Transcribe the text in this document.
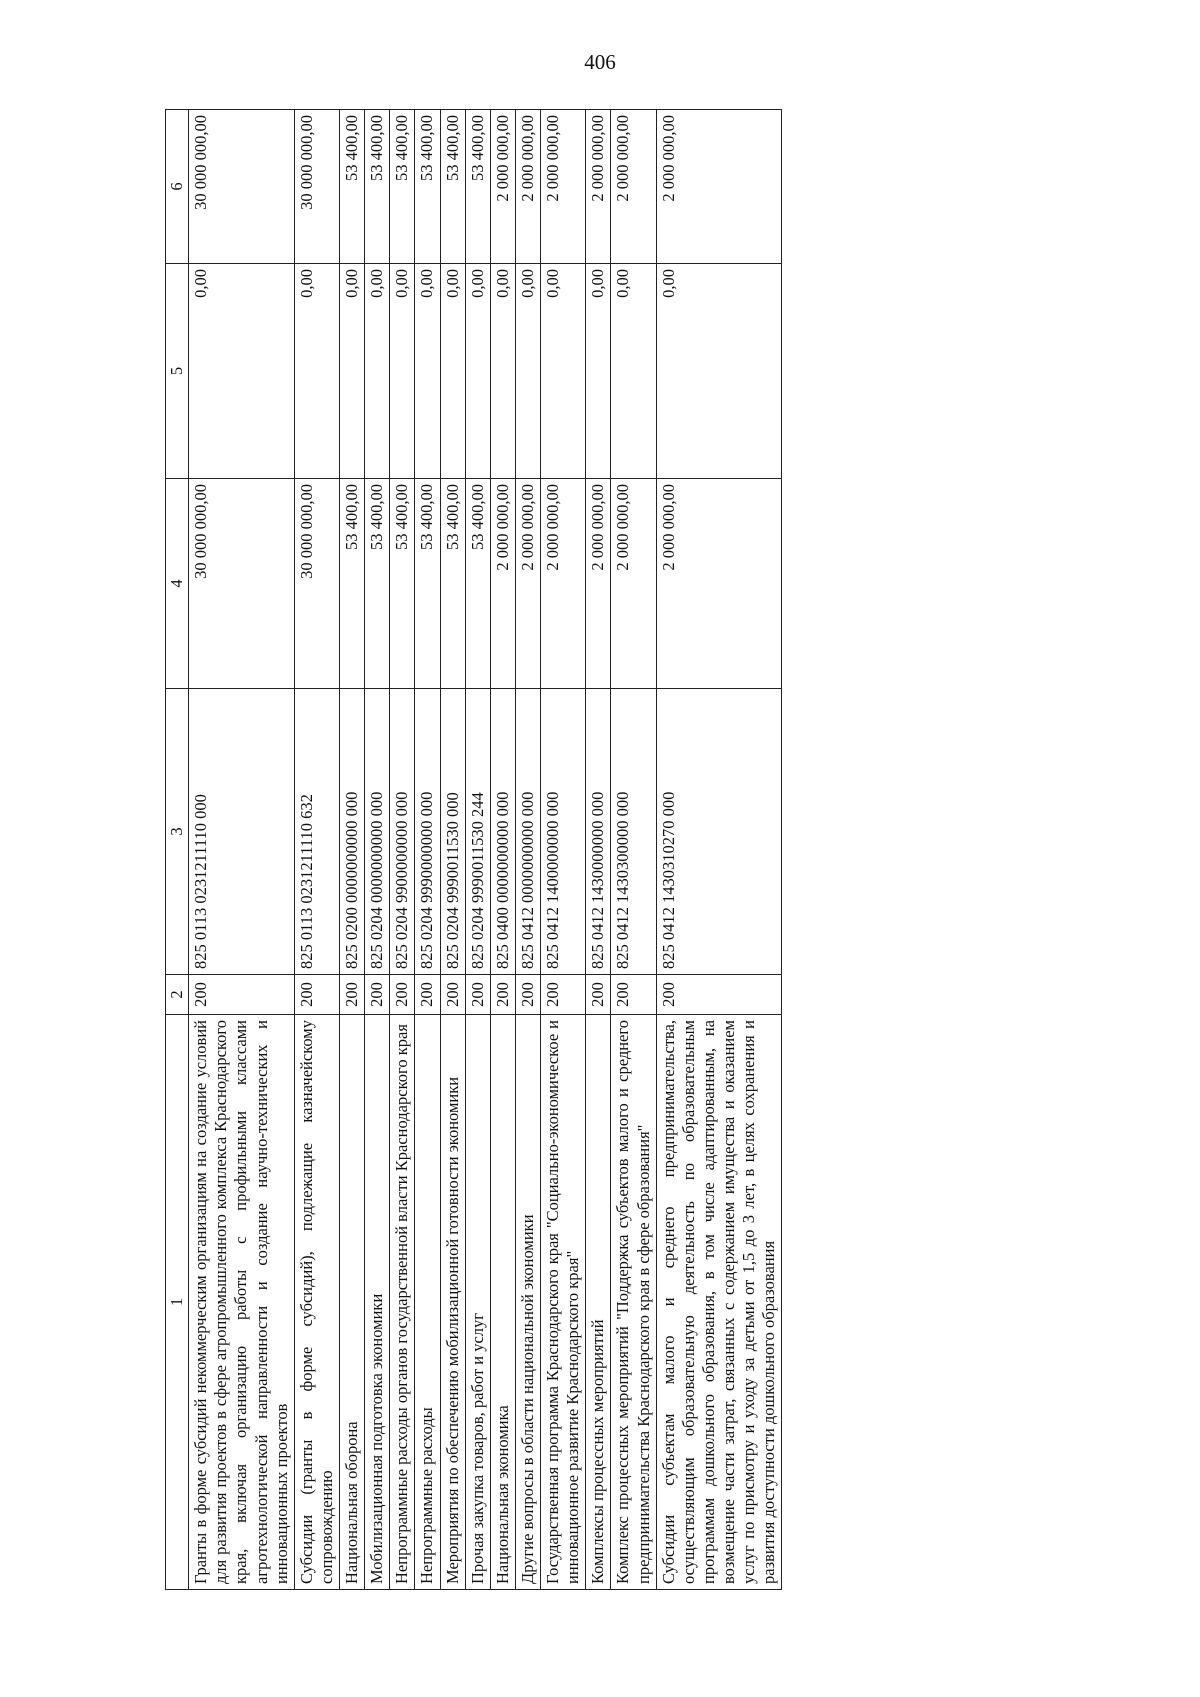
406
1	2	3	4	5	6
Гранты в форме субсидий некоммерческим организациям на создание условий для развития проектов в сфере агропромышленного комплекса Краснодарского края, включая организацию работы с профильными классами агротехнологической направленности и создание научно-технических и инновационных проектов	200	825 0113 0231211110 000	30 000 000,00	0,00	30 000 000,00
Субсидии (гранты в форме субсидий), подлежащие казначейскому сопровождению	200	825 0113 0231211110 632	30 000 000,00	0,00	30 000 000,00
Национальная оборона	200	825 0200 0000000000 000	53 400,00	0,00	53 400,00
Мобилизационная подготовка экономики	200	825 0204 0000000000 000	53 400,00	0,00	53 400,00
Непрограммные расходы органов государственной власти Краснодарского края	200	825 0204 9900000000 000	53 400,00	0,00	53 400,00
Непрограммные расходы	200	825 0204 9990000000 000	53 400,00	0,00	53 400,00
Мероприятия по обеспечению мобилизационной готовности экономики	200	825 0204 9990011530 000	53 400,00	0,00	53 400,00
Прочая закупка товаров, работ и услуг	200	825 0204 9990011530 244	53 400,00	0,00	53 400,00
Национальная экономика	200	825 0400 0000000000 000	2 000 000,00	0,00	2 000 000,00
Другие вопросы в области национальной экономики	200	825 0412 0000000000 000	2 000 000,00	0,00	2 000 000,00
Государственная программа Краснодарского края "Социально-экономическое и инновационное развитие Краснодарского края"	200	825 0412 1400000000 000	2 000 000,00	0,00	2 000 000,00
Комплексы процессных мероприятий	200	825 0412 1430000000 000	2 000 000,00	0,00	2 000 000,00
Комплекс процессных мероприятий "Поддержка субъектов малого и среднего предпринимательства Краснодарского края в сфере образования"	200	825 0412 1430300000 000	2 000 000,00	0,00	2 000 000,00
Субсидии субъектам малого и среднего предпринимательства, осуществляющим образовательную деятельность по образовательным программам дошкольного образования, в том числе адаптированным, на возмещение части затрат, связанных с содержанием имущества и оказанием услуг по присмотру и уходу за детьми от 1,5 до 3 лет, в целях сохранения и развития доступности дошкольного образования	200	825 0412 1430310270 000	2 000 000,00	0,00	2 000 000,00
